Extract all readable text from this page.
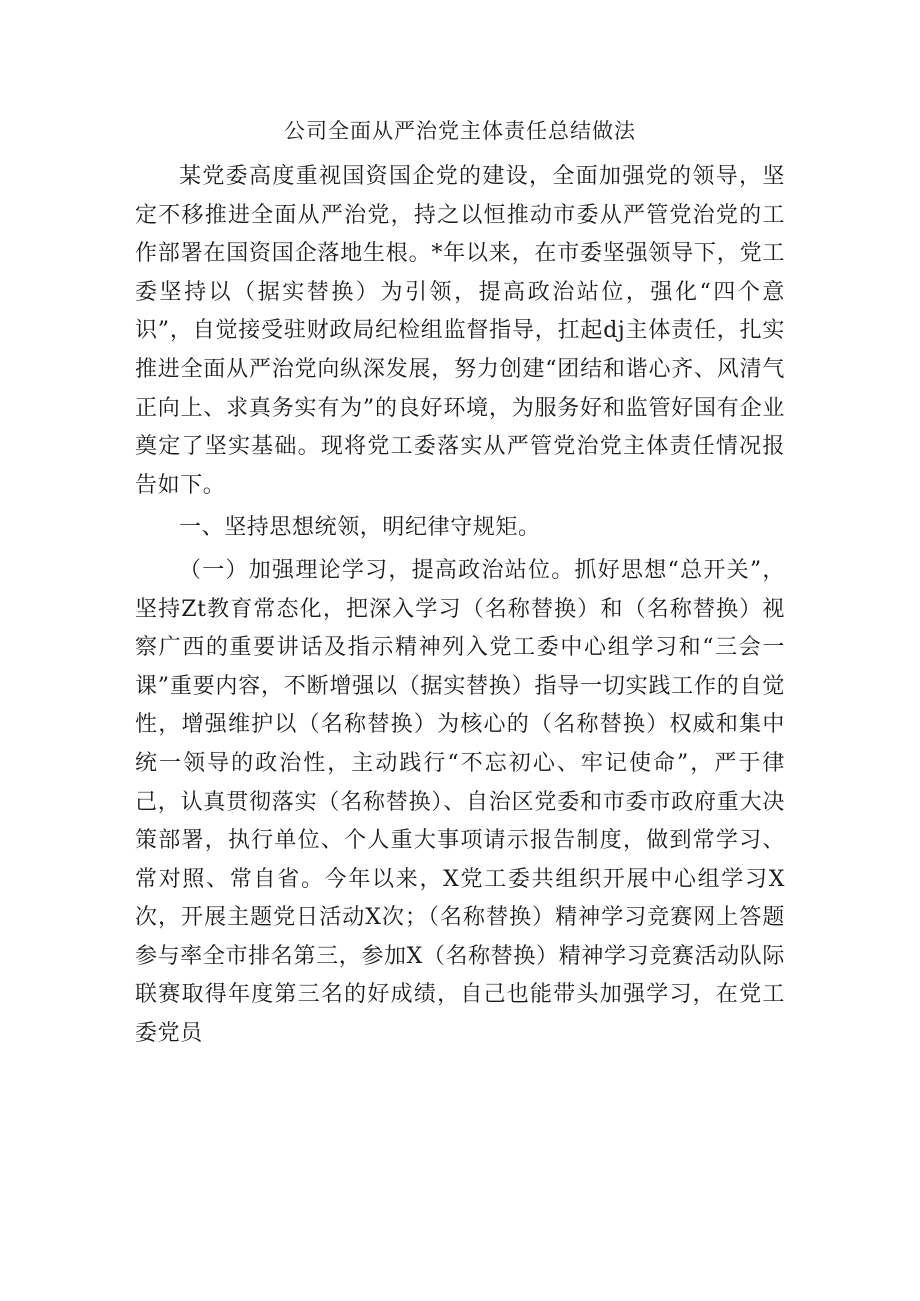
公司全面从严治党主体责任总结做法

某党委高度重视国资国企党的建设，全面加强党的领导，坚定不移推进全面从严治党，持之以恒推动市委从严管党治党的工作部署在国资国企落地生根。*年以来，在市委坚强领导下，党工委坚持以（据实替换）为引领，提高政治站位，强化“四个意识”，自觉接受驻财政局纪检组监督指导，扛起dj主体责任，扎实推进全面从严治党向纵深发展，努力创建“团结和谐心齐、风清气正向上、求真务实有为”的良好环境，为服务好和监管好国有企业奠定了坚实基础。现将党工委落实从严管党治党主体责任情况报告如下。

一、坚持思想统领，明纪律守规矩。

（一）加强理论学习，提高政治站位。抓好思想“总开关”，坚持Zt教育常态化，把深入学习（名称替换）和（名称替换）视察广西的重要讲话及指示精神列入党工委中心组学习和“三会一课”重要内容，不断增强以（据实替换）指导一切实践工作的自觉性，增强维护以（名称替换）为核心的（名称替换）权威和集中统一领导的政治性，主动践行“不忘初心、牢记使命”，严于律己，认真贯彻落实（名称替换）、自治区党委和市委市政府重大决策部署，执行单位、个人重大事项请示报告制度，做到常学习、常对照、常自省。今年以来，X党工委共组织开展中心组学习X次，开展主题党日活动X次；（名称替换）精神学习竞赛网上答题参与率全市排名第三，参加X（名称替换）精神学习竞赛活动队际联赛取得年度第三名的好成绩，自己也能带头加强学习，在党工委党员
